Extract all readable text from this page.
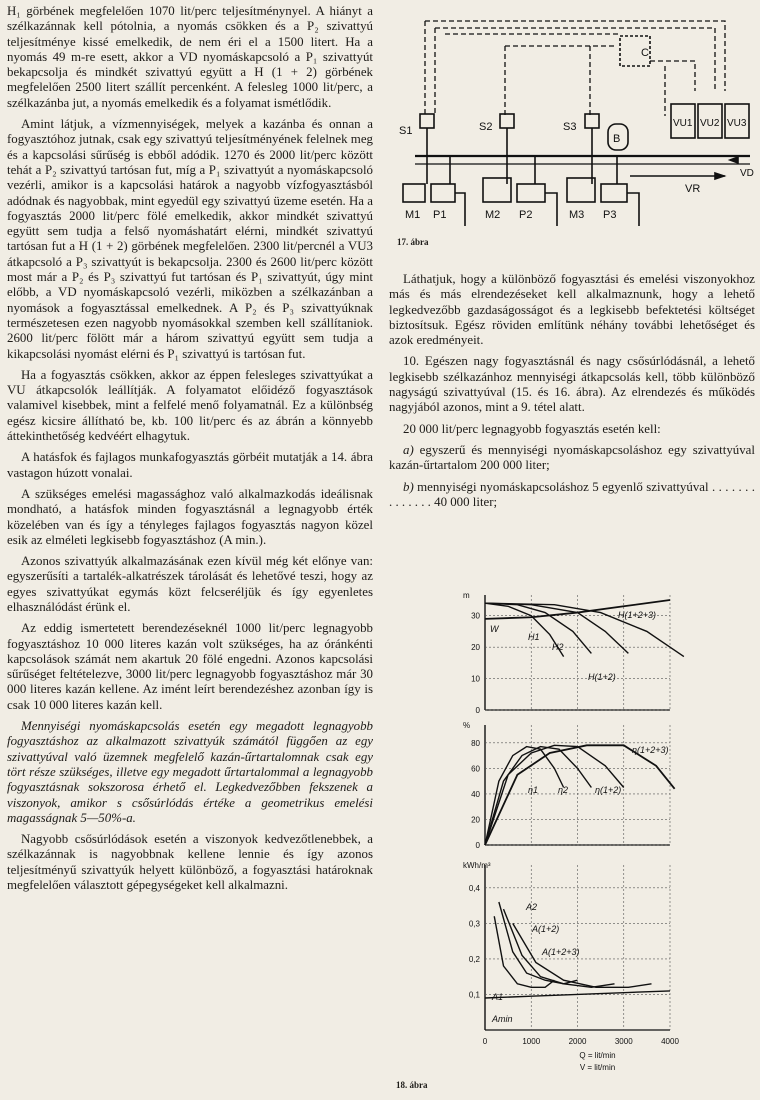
H₁ görbének megfelelően 1070 lit/perc teljesítménynyel. A hiányt a szélkazánnak kell pótolnia, a nyomás csökken és a P₂ szivattyú teljesítménye kissé emelkedik, de nem éri el a 1500 litert. Ha a nyomás 49 m-re esett, akkor a VD nyomáskapcsoló a P₁ szivattyút bekapcsolja és mindkét szivattyú együtt a H (1 + 2) görbének megfelelően 2500 litert szállít percenként. A felesleg 1000 lit/perc, a szélkazánba jut, a nyomás emelkedik és a folyamat ismétlődik.

Amint látjuk, a vízmennyiségek, melyek a kazánba és onnan a fogyasztóhoz jutnak, csak egy szivattyú teljesítményének felelnek meg és a kapcsolási sűrűség is ebből adódik. 1270 és 2000 lit/perc között tehát a P₂ szivattyú tartósan fut, míg a P₁ szivattyút a nyomáskapcsoló vezérli, amikor is a kapcsolási határok a nagyobb vízfogyasztásból adódnak és nagyobbak, mint egyedül egy szivattyú üzeme esetén. Ha a fogyasztás 2000 lit/perc fölé emelkedik, akkor mindkét szivattyú együtt sem tudja a felső nyomáshatárt elérni, mindkét szivattyú tartósan fut a H (1 + 2) görbének megfelelően. 2300 lit/percnél a VU3 átkapcsoló a P₃ szivattyút is bekapcsolja. 2300 és 2600 lit/perc között most már a P₂ és P₃ szivattyú fut tartósan és P₁ szivattyút, úgy mint előbb, a VD nyomáskapcsoló vezérli, miközben a szélkazánban a nyomások a fogyasztással emelkednek. A P₂ és P₃ szivattyúknak természetesen ezen nagyobb nyomásokkal szemben kell szállítaniok. 2600 lit/perc fölött már a három szivattyú együtt sem tudja a kikapcsolási nyomást elérni és P₁ szivattyú is tartósan fut.

Ha a fogyasztás csökken, akkor az éppen felesleges szivattyúkat a VU átkapcsolók leállítják. A folyamatot előidéző fogyasztások valamivel kisebbek, mint a felfelé menő folyamatnál. Ez a különbség egész kicsire állítható be, kb. 100 lit/perc és az ábrán a könnyebb áttekinthetőség kedvéért elhagytuk.

A hatásfok és fajlagos munkafogyasztás görbéit mutatják a 14. ábra vastagon húzott vonalai.

A szükséges emelési magassághoz való alkalmazkodás ideálisnak mondható, a hatásfok minden fogyasztásnál a legnagyobb érték közelében van és így a tényleges fajlagos fogyasztás nagyon közel esik az elméleti legkisebb fogyasztáshoz (A min.).

Azonos szivattyúk alkalmazásának ezen kívül még két előnye van: egyszerűsíti a tartalék-alkatrészek tárolását és lehetővé teszi, hogy az egyes szivattyúkat egymás közt felcseréljük és így egyenletes elhasználódást érünk el.

Az eddig ismertetett berendezéseknél 1000 lit/perc legnagyobb fogyasztáshoz 10 000 literes kazán volt szükséges, ha az óránkénti kapcsolások számát nem akartuk 20 fölé engedni. Azonos kapcsolási sűrűséget feltételezve, 3000 lit/perc legnagyobb fogyasztáshoz már 30 000 literes kazán kellene. Az imént leírt berendezéshez azonban így is csak 10 000 literes kazán kell.

Mennyiségi nyomáskapcsolás esetén egy megadott legnagyobb fogyasztáshoz az alkalmazott szivattyúk számától függően az egy szivattyúval való üzemnek megfelelő kazán-űrtartalomnak csak egy tört része szükséges, illetve egy megadott űrtartalommal a legnagyobb fogyasztásnak sokszorosa érhető el. Legkedvezőbben fekszenek a viszonyok, amikor s csősúrlódás értéke a geometrikus emelési magasságnak 5—50%-a.

Nagyobb csősúrlódások esetén a viszonyok kedvezőtlenebbek, a szélkazánnak is nagyobbnak kellene lennie és így azonos teljesítményű szivattyúk helyett különböző, a fogyasztási határoknak megfelelően választott gépegységeket kell alkalmazni.

C
S1	S2	S3
B
VU1 VU2 VU3
VD
VR
M1 P1	M2 P2	M3 P3
17. ábra

Láthatjuk, hogy a különböző fogyasztási és emelési viszonyokhoz más és más elrendezéseket kell alkalmaznunk, hogy a lehető legkedvezőbb gazdaságosságot és a legkisebb befektetési költséget biztosítsuk. Egész röviden említünk néhány további lehetőséget és azok eredményeit.

10. Egészen nagy fogyasztásnál és nagy csősúrlódásnál, a lehető legkisebb szélkazánhoz mennyiségi átkapcsolás kell, több különböző nagyságú szivattyúval (15. és 16. ábra). Az elrendezés és működés nagyjából azonos, mint a 9. tétel alatt.

20 000 lit/perc legnagyobb fogyasztás esetén kell:

a) egyszerű és mennyiségi nyomáskapcsoláshoz egy szivattyúval kazán-űrtartalom 200 000 liter;

b) mennyiségi nyomáskapcsoláshoz 5 egyenlő szivattyúval . . . . . . . . . . . . . . 40 000 liter;

30
20
10
0
m
80
60
40
20
0
%
0,4
0,3
0,2
0,1
kWh/m³
0	1000	2000	3000	4000
Q = lit/min
V = lit/min
W
H1
H2
H(1+2)
H(1+2+3)
η1 η2	η(1+2)
η(1+2+3)
A2
A(1+2)
A(1+2+3)
A1
Amin
18. ábra
